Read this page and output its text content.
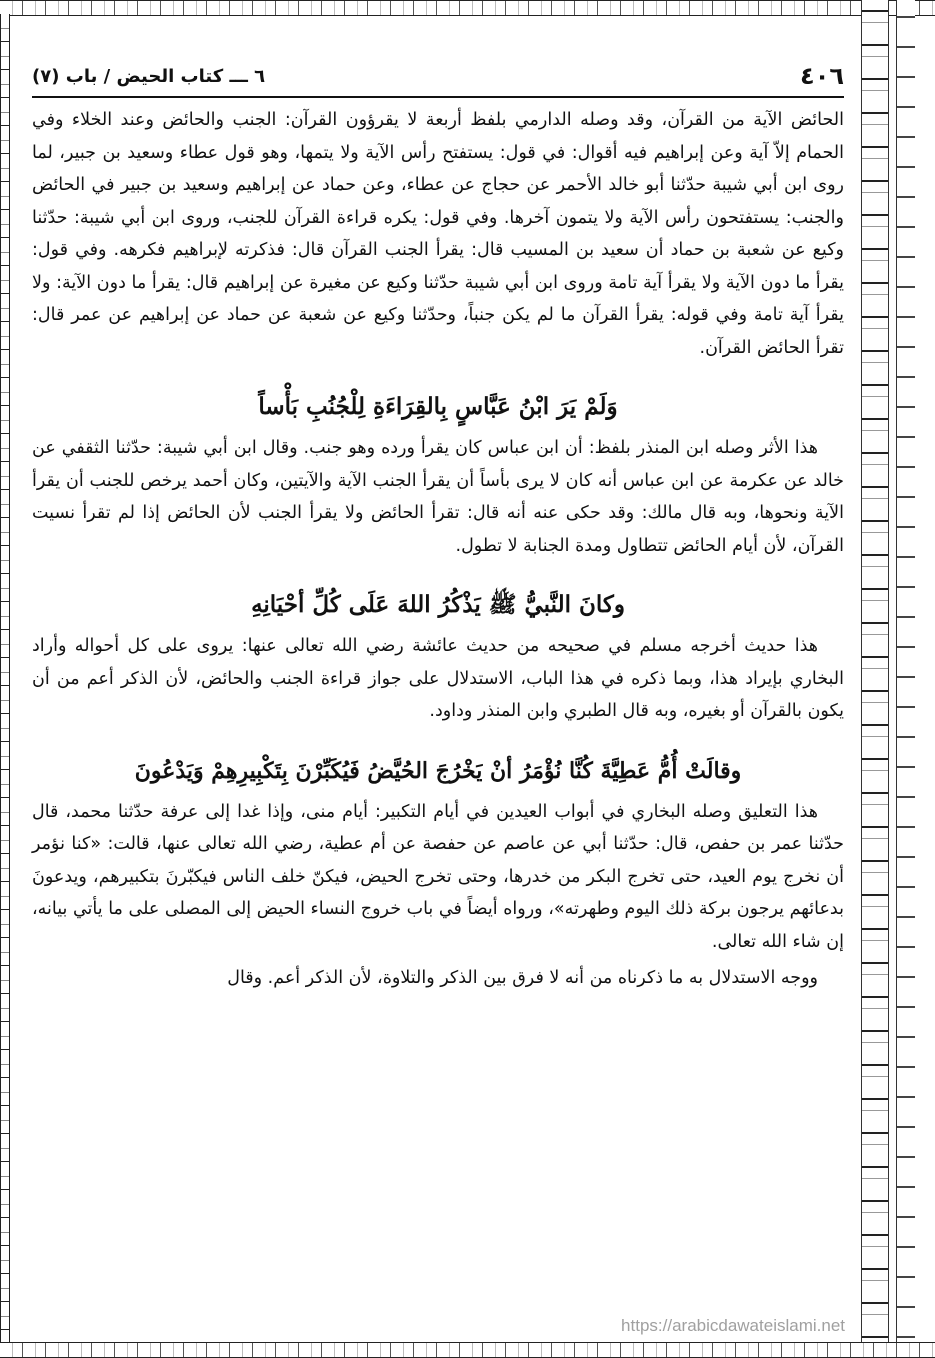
٤٠٦
٦ ـــ كتاب الحيض / باب (٧)

الحائض الآية من القرآن، وقد وصله الدارمي بلفظ أربعة لا يقرؤون القرآن: الجنب والحائض وعند الخلاء وفي الحمام إلاّ آية وعن إبراهيم فيه أقوال: في قول: يستفتح رأس الآية ولا يتمها، وهو قول عطاء وسعيد بن جبير، لما روى ابن أبي شيبة حدّثنا أبو خالد الأحمر عن حجاج عن عطاء، وعن حماد عن إبراهيم وسعيد بن جبير في الحائض والجنب: يستفتحون رأس الآية ولا يتمون آخرها. وفي قول: يكره قراءة القرآن للجنب، وروى ابن أبي شيبة: حدّثنا وكيع عن شعبة بن حماد أن سعيد بن المسيب قال: يقرأ الجنب القرآن قال: فذكرته لإبراهيم فكرهه. وفي قول: يقرأ ما دون الآية ولا يقرأ آية تامة وروى ابن أبي شيبة حدّثنا وكيع عن مغيرة عن إبراهيم قال: يقرأ ما دون الآية: ولا يقرأ آية تامة وفي قوله: يقرأ القرآن ما لم يكن جنباً، وحدّثنا وكيع عن شعبة عن حماد عن إبراهيم عن عمر قال: تقرأ الحائض القرآن.

وَلَمْ يَرَ ابْنُ عَبَّاسٍ بِالقِرَاءَةِ لِلْجُنُبِ بَأْساً

هذا الأثر وصله ابن المنذر بلفظ: أن ابن عباس كان يقرأ ورده وهو جنب. وقال ابن أبي شيبة: حدّثنا الثقفي عن خالد عن عكرمة عن ابن عباس أنه كان لا يرى بأساً أن يقرأ الجنب الآية والآيتين، وكان أحمد يرخص للجنب أن يقرأ الآية ونحوها، وبه قال مالك: وقد حكى عنه أنه قال: تقرأ الحائض ولا يقرأ الجنب لأن الحائض إذا لم تقرأ نسيت القرآن، لأن أيام الحائض تتطاول ومدة الجنابة لا تطول.

وكانَ النَّبيُّ ﷺ يَذْكُرُ اللهَ عَلَى كُلِّ أحْيَانِهِ

هذا حديث أخرجه مسلم في صحيحه من حديث عائشة رضي الله تعالى عنها: يروى على كل أحواله وأراد البخاري بإيراد هذا، وبما ذكره في هذا الباب، الاستدلال على جواز قراءة الجنب والحائض، لأن الذكر أعم من أن يكون بالقرآن أو بغيره، وبه قال الطبري وابن المنذر وداود.

وقالَتْ أُمُّ عَطِيَّةَ كُنَّا نُؤْمَرُ أنْ يَخْرُجَ الحُيَّضُ فَيُكَبِّرْنَ بِتَكْبِيرِهِمْ وَيَدْعُونَ

هذا التعليق وصله البخاري في أبواب العيدين في أيام التكبير: أيام منى، وإذا غدا إلى عرفة حدّثنا محمد، قال حدّثنا عمر بن حفص، قال: حدّثنا أبي عن عاصم عن حفصة عن أم عطية، رضي الله تعالى عنها، قالت: «كنا نؤمر أن نخرج يوم العيد، حتى تخرج البكر من خدرها، وحتى تخرج الحيض، فيكنّ خلف الناس فيكبّرنَ بتكبيرهم، ويدعونَ بدعائهم يرجون بركة ذلك اليوم وطهرته»، ورواه أيضاً في باب خروج النساء الحيض إلى المصلى على ما يأتي بيانه، إن شاء الله تعالى.

ووجه الاستدلال به ما ذكرناه من أنه لا فرق بين الذكر والتلاوة، لأن الذكر أعم. وقال

https://arabicdawateislami.net
